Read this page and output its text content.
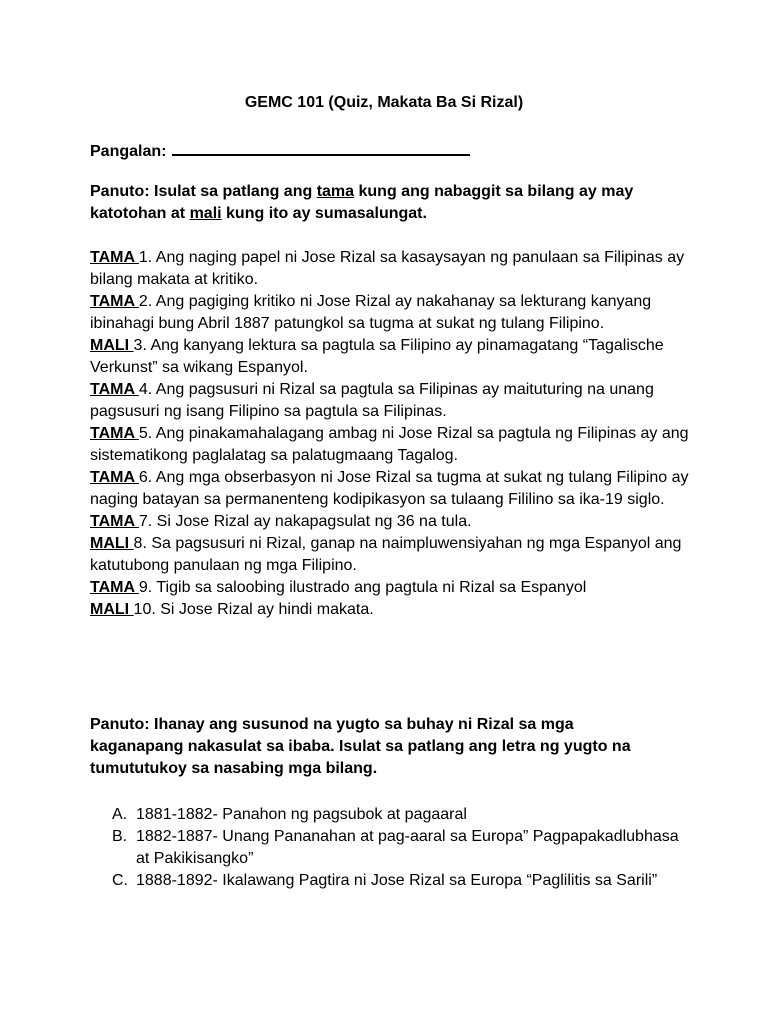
GEMC 101 (Quiz, Makata Ba Si Rizal)
Pangalan:
Panuto: Isulat sa patlang ang tama kung ang nabaggit sa bilang ay may katotohan at mali kung ito ay sumasalungat.

TAMA 1. Ang naging papel ni Jose Rizal sa kasaysayan ng panulaan sa Filipinas ay bilang makata at kritiko.

TAMA 2. Ang pagiging kritiko ni Jose Rizal ay nakahanay sa lekturang kanyang ibinahagi bung Abril 1887 patungkol sa tugma at sukat ng tulang Filipino.

MALI 3. Ang kanyang lektura sa pagtula sa Filipino ay pinamagatang “Tagalische Verkunst” sa wikang Espanyol.

TAMA 4. Ang pagsusuri ni Rizal sa pagtula sa Filipinas ay maituturing na unang pagsusuri ng isang Filipino sa pagtula sa Filipinas.

TAMA 5. Ang pinakamahalagang ambag ni Jose Rizal sa pagtula ng Filipinas ay ang sistematikong paglalatag sa palatugmaang Tagalog.

TAMA 6. Ang mga obserbasyon ni Jose Rizal sa tugma at sukat ng tulang Filipino ay naging batayan sa permanenteng kodipikasyon sa tulaang Fililino sa ika-19 siglo.

TAMA 7. Si Jose Rizal ay nakapagsulat ng 36 na tula.

MALI 8. Sa pagsusuri ni Rizal, ganap na naimpluwensiyahan ng mga Espanyol ang katutubong panulaan ng mga Filipino.

TAMA 9. Tigib sa saloobing ilustrado ang pagtula ni Rizal sa Espanyol

MALI 10. Si Jose Rizal ay hindi makata.

Panuto: Ihanay ang susunod na yugto sa buhay ni Rizal sa mga kaganapang nakasulat sa ibaba. Isulat sa patlang ang letra ng yugto na tumututukoy sa nasabing mga bilang.
A. 1881-1882- Panahon ng pagsubok at pagaaral
B. 1882-1887- Unang Pananahan at pag-aaral sa Europa” Pagpapakadlubhasa at Pakikisangko”
C. 1888-1892- Ikalawang Pagtira ni Jose Rizal sa Europa “Paglilitis sa Sarili”
